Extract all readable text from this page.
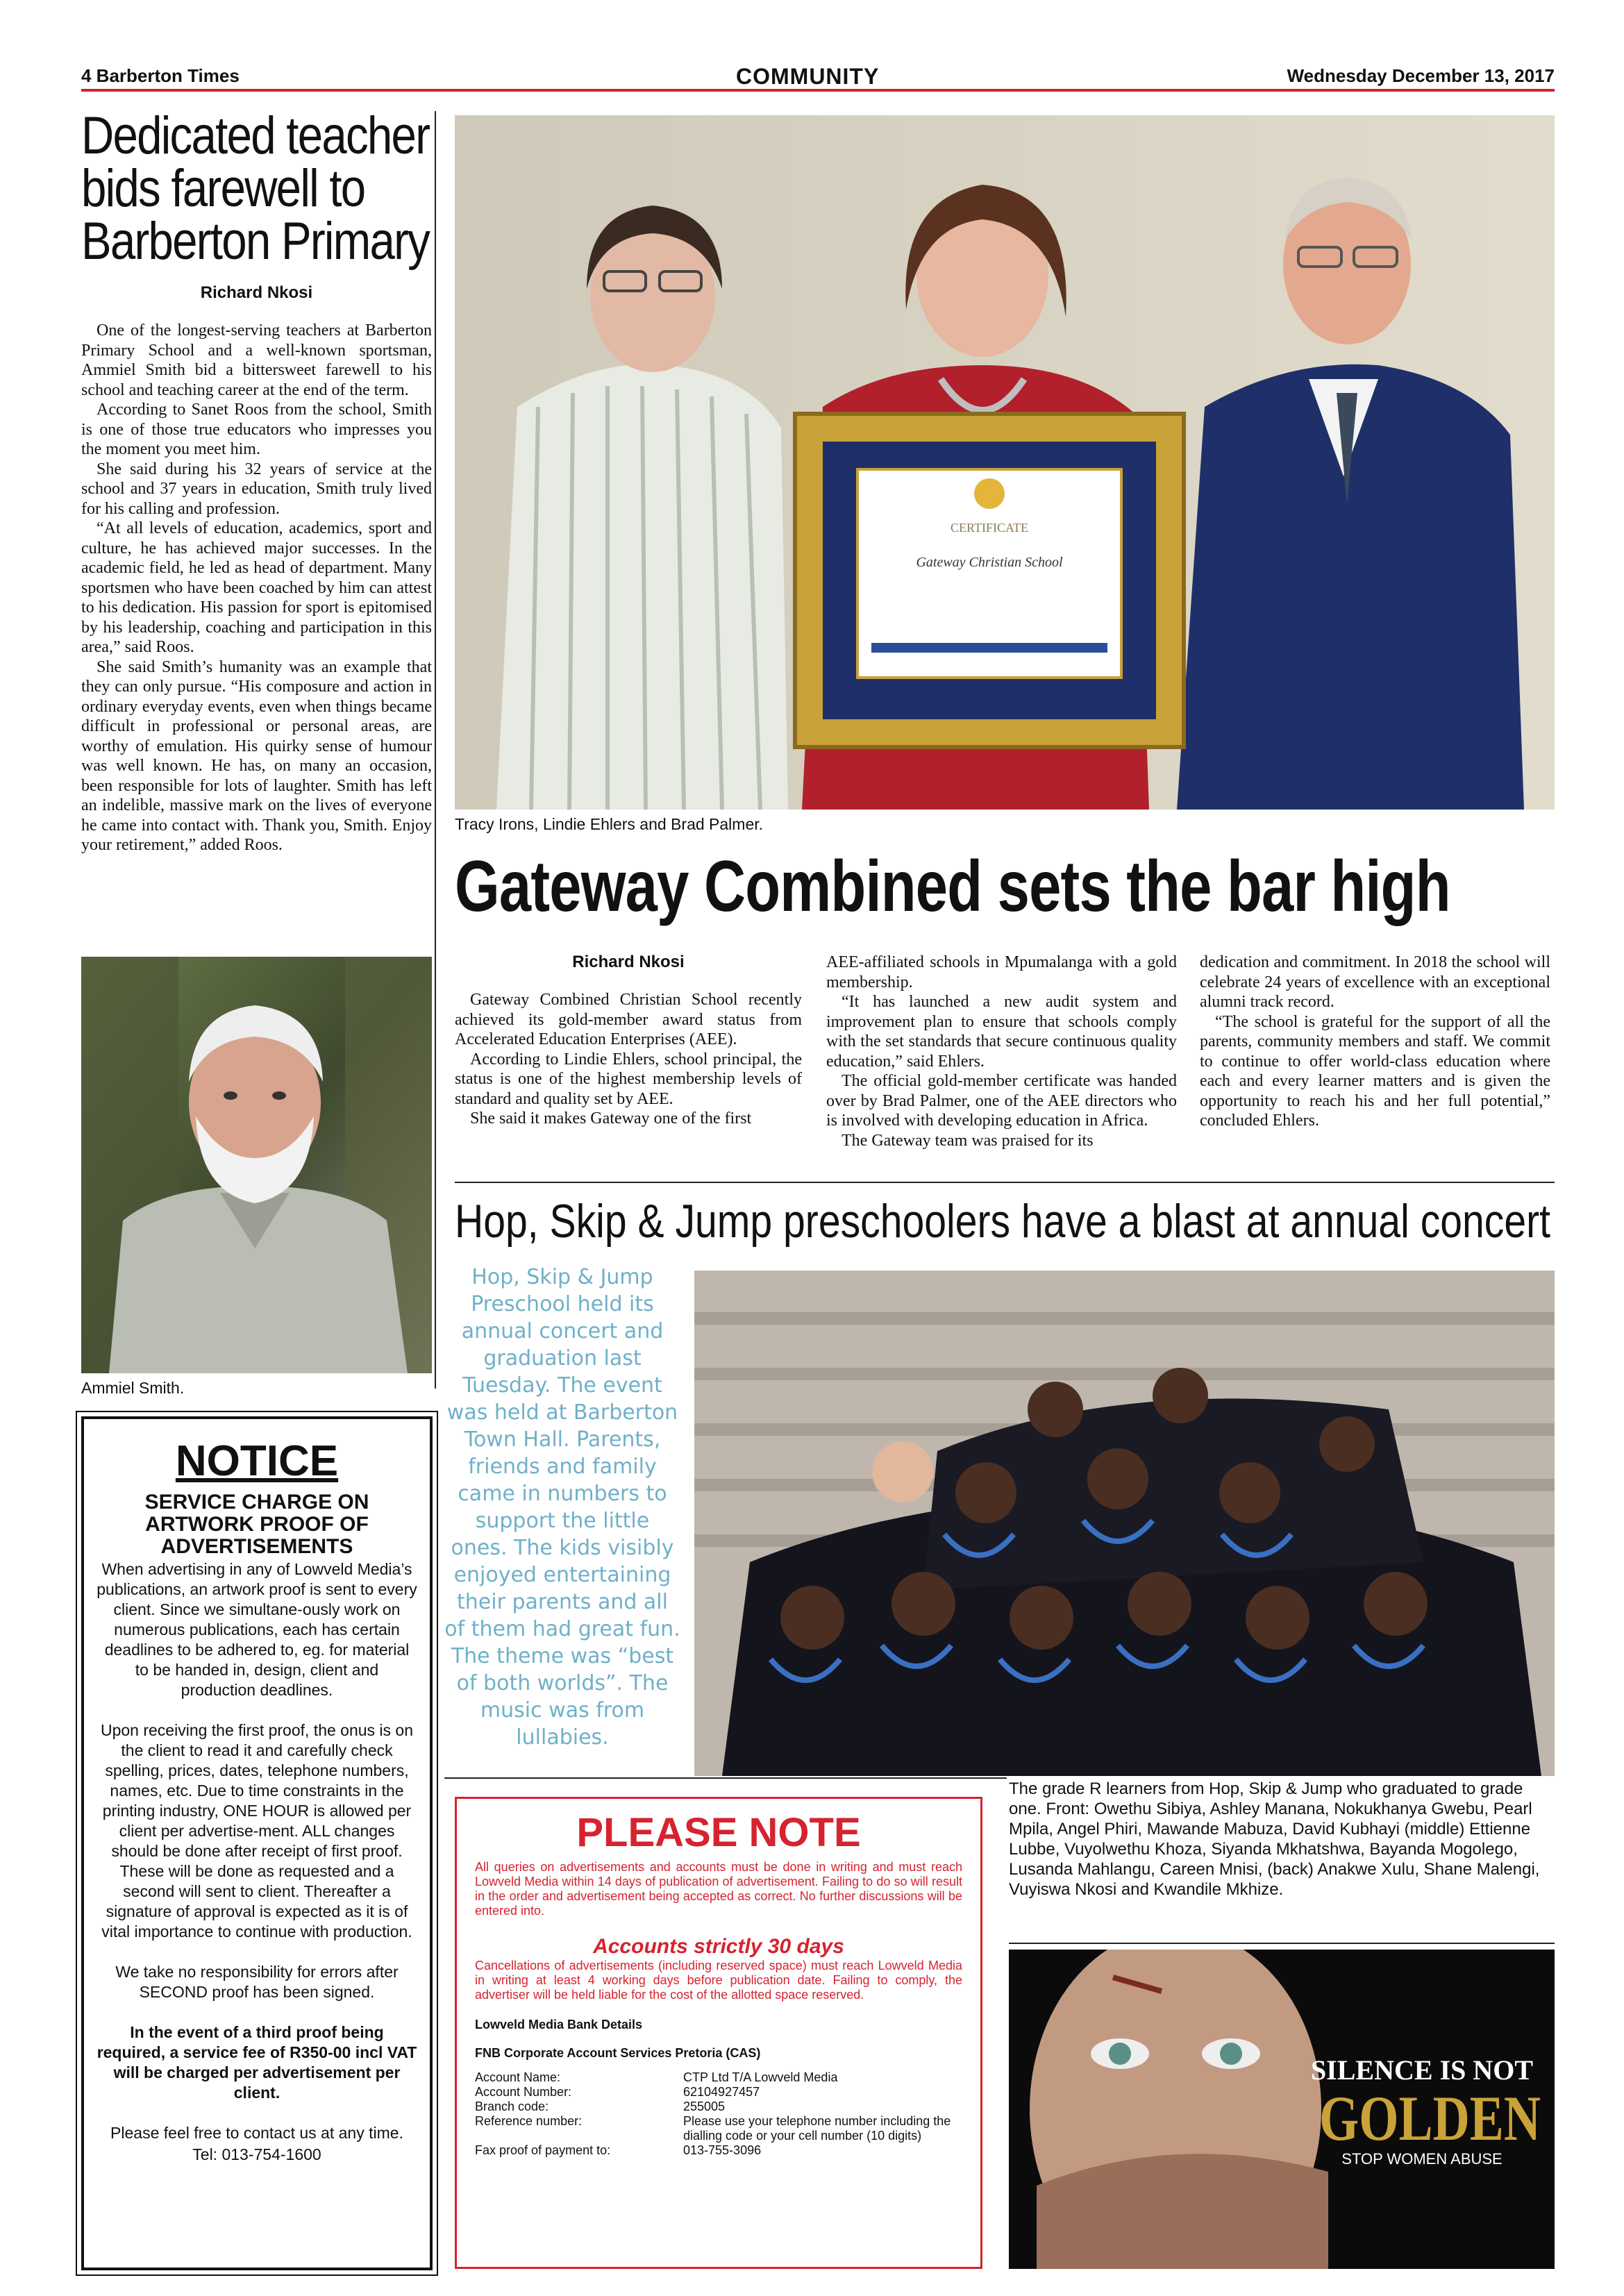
4 Barberton Times	COMMUNITY	Wednesday December 13, 2017
Dedicated teacher bids farewell to Barberton Primary
Richard Nkosi

One of the longest-serving teachers at Barberton Primary School and a well-known sportsman, Ammiel Smith bid a bittersweet farewell to his school and teaching career at the end of the term.

According to Sanet Roos from the school, Smith is one of those true educators who impresses you the moment you meet him.

She said during his 32 years of service at the school and 37 years in education, Smith truly lived for his calling and profession.

“At all levels of education, academics, sport and culture, he has achieved major successes. In the academic field, he led as head of department. Many sportsmen who have been coached by him can attest to his dedication. His passion for sport is epitomised by his leadership, coaching and participation in this area,” said Roos.

She said Smith’s humanity was an example that they can only pursue. “His composure and action in ordinary everyday events, even when things became difficult in professional or personal areas, are worthy of emulation. His quirky sense of humour was well known. He has, on many an occasion, been responsible for lots of laughter. Smith has left an indelible, massive mark on the lives of everyone he came into contact with. Thank you, Smith. Enjoy your retirement,” added Roos.

Ammiel Smith.
NOTICE
SERVICE CHARGE ON ARTWORK PROOF OF ADVERTISEMENTS

When advertising in any of Lowveld Media’s publications, an artwork proof is sent to every client. Since we simultane-ously work on numerous publications, each has certain deadlines to be adhered to, eg. for material to be handed in, design, client and production deadlines.

Upon receiving the first proof, the onus is on the client to read it and carefully check spelling, prices, dates, telephone numbers, names, etc. Due to time constraints in the printing industry, ONE HOUR is allowed per client per advertise-ment. ALL changes should be done after receipt of first proof. These will be done as requested and a second will sent to client. Thereafter a signature of approval is expected as it is of vital importance to continue with production.

We take no responsibility for errors after SECOND proof has been signed.

In the event of a third proof being required, a service fee of R350-00 incl VAT will be charged per advertisement per client.

Please feel free to contact us at any time.

Tel: 013-754-1600

CERTIFICATE
Gateway Christian School
Tracy Irons, Lindie Ehlers and Brad Palmer.
Gateway Combined sets the bar high
Richard Nkosi

Gateway Combined Christian School recently achieved its gold-member award status from Accelerated Education Enterprises (AEE).

According to Lindie Ehlers, school principal, the status is one of the highest membership levels of standard and quality set by AEE.

She said it makes Gateway one of the first

AEE-affiliated schools in Mpumalanga with a gold membership.

“It has launched a new audit system and improvement plan to ensure that schools comply with the set standards that secure continuous quality education,” said Ehlers.

The official gold-member certificate was handed over by Brad Palmer, one of the AEE directors who is involved with developing education in Africa.

The Gateway team was praised for its

dedication and commitment. In 2018 the school will celebrate 24 years of excellence with an exceptional alumni track record.

“The school is grateful for the support of all the parents, community members and staff. We commit to continue to offer world-class education where each and every learner matters and is given the opportunity to reach his and her full potential,” concluded Ehlers.

Hop, Skip & Jump preschoolers have a blast at annual concert
Hop, Skip & Jump Preschool held its annual concert and graduation last Tuesday. The event was held at Barberton Town Hall. Parents, friends and family came in numbers to support the little ones. The kids visibly enjoyed entertaining their parents and all of them had great fun. The theme was “best of both worlds”. The music was from lullabies.
The grade R learners from Hop, Skip & Jump who graduated to grade one. Front: Owethu Sibiya, Ashley Manana, Nokukhanya Gwebu, Pearl Mpila, Angel Phiri, Mawande Mabuza, David Kubhayi (middle) Ettienne Lubbe, Vuyolwethu Khoza, Siyanda Mkhatshwa, Bayanda Mogolego, Lusanda Mahlangu, Careen Mnisi, (back) Anakwe Xulu, Shane Malengi, Vuyiswa Nkosi and Kwandile Mkhize.
PLEASE NOTE

All queries on advertisements and accounts must be done in writing and must reach Lowveld Media within 14 days of publication of advertisement. Failing to do so will result in the order and advertisement being accepted as correct. No further discussions will be entered into.

Accounts strictly 30 days

Cancellations of advertisements (including reserved space) must reach Lowveld Media in writing at least 4 working days before publication date. Failing to comply, the advertiser will be held liable for the cost of the allotted space reserved.

Lowveld Media Bank Details

FNB Corporate Account Services Pretoria (CAS)

Account Name:	CTP Ltd T/A Lowveld Media
Account Number:	62104927457
Branch code:	255005
Reference number:	Please use your telephone number including the dialling code or your cell number (10 digits)
Fax proof of payment to:	013-755-3096
SILENCE IS NOT
GOLDEN
STOP WOMEN ABUSE
